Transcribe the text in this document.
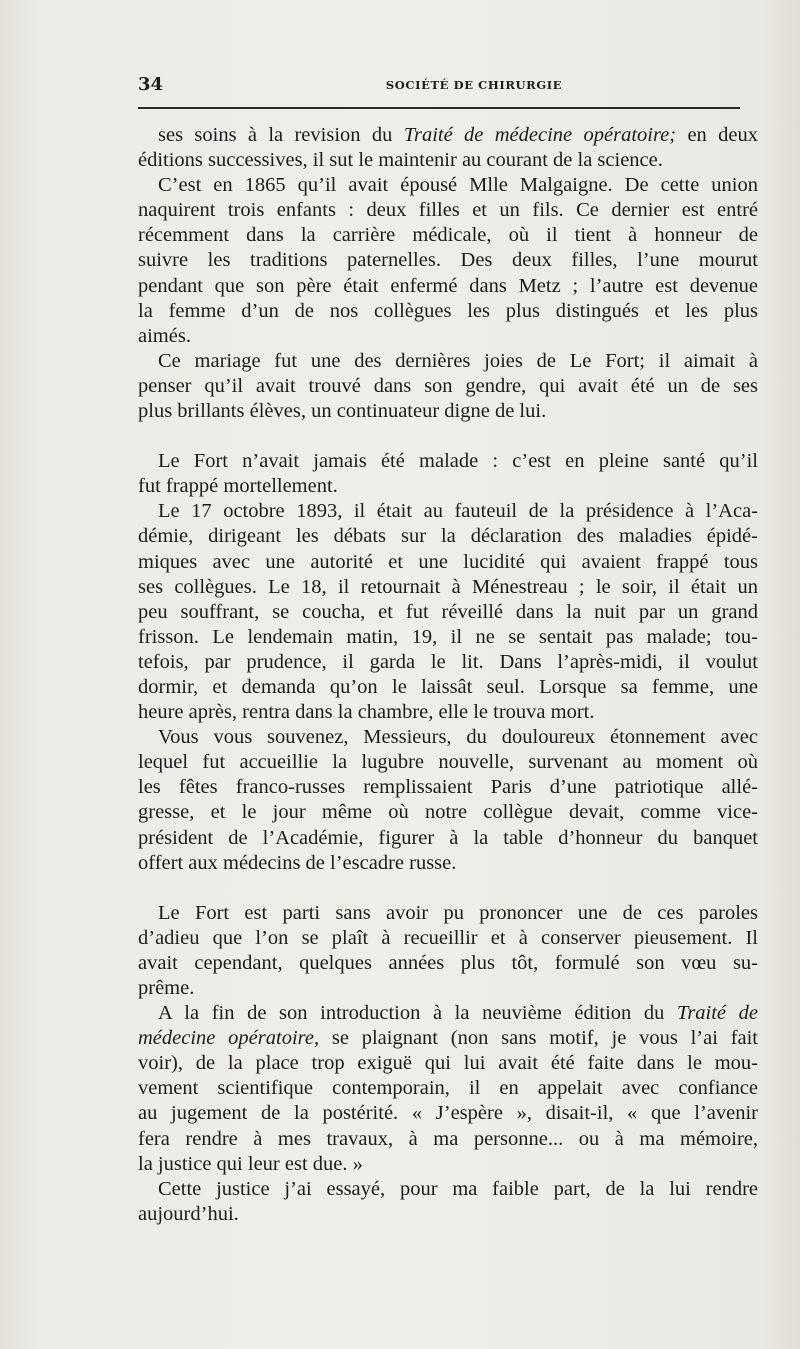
34	SOCIÉTÉ DE CHIRURGIE

ses soins à la revision du Traité de médecine opératoire; en deux
éditions successives, il sut le maintenir au courant de la science.

C’est en 1865 qu’il avait épousé Mlle Malgaigne. De cette union
naquirent trois enfants : deux filles et un fils. Ce dernier est entré
récemment dans la carrière médicale, où il tient à honneur de
suivre les traditions paternelles. Des deux filles, l’une mourut
pendant que son père était enfermé dans Metz ; l’autre est devenue
la femme d’un de nos collègues les plus distingués et les plus
aimés.

Ce mariage fut une des dernières joies de Le Fort; il aimait à
penser qu’il avait trouvé dans son gendre, qui avait été un de ses
plus brillants élèves, un continuateur digne de lui.

Le Fort n’avait jamais été malade : c’est en pleine santé qu’il
fut frappé mortellement.

Le 17 octobre 1893, il était au fauteuil de la présidence à l’Aca-
démie, dirigeant les débats sur la déclaration des maladies épidé-
miques avec une autorité et une lucidité qui avaient frappé tous
ses collègues. Le 18, il retournait à Ménestreau ; le soir, il était un
peu souffrant, se coucha, et fut réveillé dans la nuit par un grand
frisson. Le lendemain matin, 19, il ne se sentait pas malade; tou-
tefois, par prudence, il garda le lit. Dans l’après-midi, il voulut
dormir, et demanda qu’on le laissât seul. Lorsque sa femme, une
heure après, rentra dans la chambre, elle le trouva mort.

Vous vous souvenez, Messieurs, du douloureux étonnement avec
lequel fut accueillie la lugubre nouvelle, survenant au moment où
les fêtes franco-russes remplissaient Paris d’une patriotique allé-
gresse, et le jour même où notre collègue devait, comme vice-
président de l’Académie, figurer à la table d’honneur du banquet
offert aux médecins de l’escadre russe.

Le Fort est parti sans avoir pu prononcer une de ces paroles
d’adieu que l’on se plaît à recueillir et à conserver pieusement. Il
avait cependant, quelques années plus tôt, formulé son vœu su-
prême.

A la fin de son introduction à la neuvième édition du Traité de
médecine opératoire, se plaignant (non sans motif, je vous l’ai fait
voir), de la place trop exiguë qui lui avait été faite dans le mou-
vement scientifique contemporain, il en appelait avec confiance
au jugement de la postérité. « J’espère », disait-il, « que l’avenir
fera rendre à mes travaux, à ma personne... ou à ma mémoire,
la justice qui leur est due. »

Cette justice j’ai essayé, pour ma faible part, de la lui rendre
aujourd’hui.
